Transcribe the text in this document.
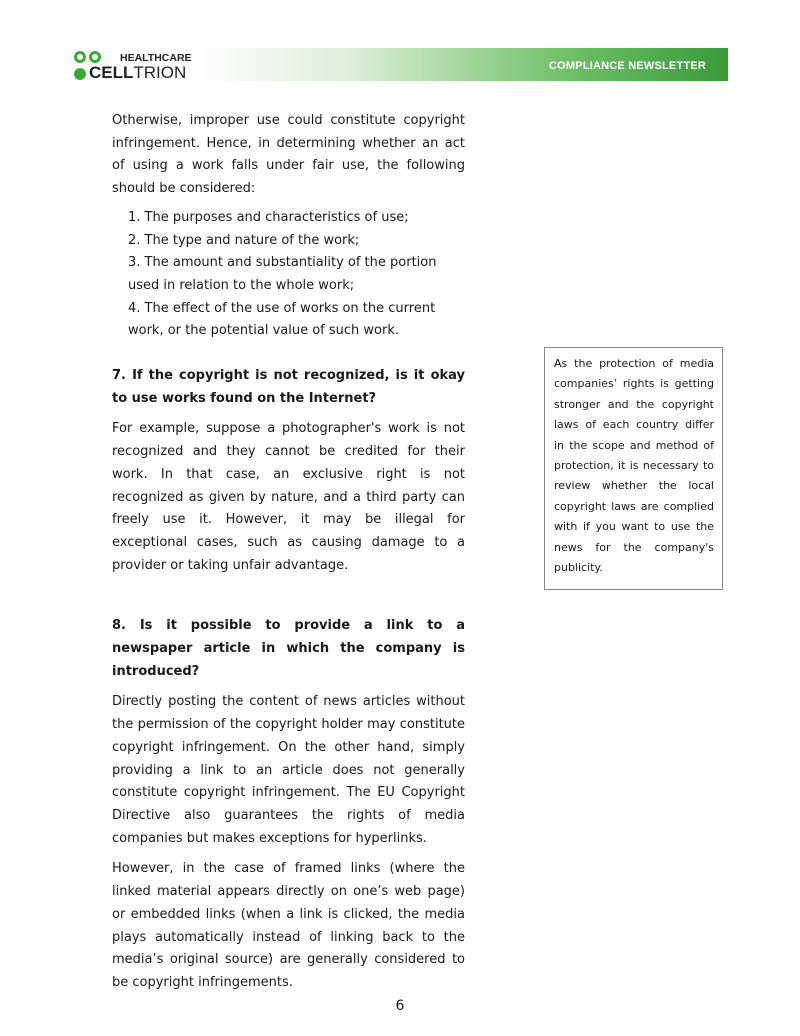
HEALTHCARE
CELLTRION	COMPLIANCE NEWSLETTER

Otherwise, improper use could constitute copyright infringement. Hence, in determining whether an act of using a work falls under fair use, the following should be considered:

1. The purposes and characteristics of use;
2. The type and nature of the work;
3. The amount and substantiality of the portion used in relation to the whole work;
4. The effect of the use of works on the current work, or the potential value of such work.
7. If the copyright is not recognized, is it okay to use works found on the Internet?

For example, suppose a photographer's work is not recognized and they cannot be credited for their work. In that case, an exclusive right is not recognized as given by nature, and a third party can freely use it. However, it may be illegal for exceptional cases, such as causing damage to a provider or taking unfair advantage.

8. Is it possible to provide a link to a newspaper article in which the company is introduced?

Directly posting the content of news articles without the permission of the copyright holder may constitute copyright infringement. On the other hand, simply providing a link to an article does not generally constitute copyright infringement. The EU Copyright Directive also guarantees the rights of media companies but makes exceptions for hyperlinks.

However, in the case of framed links (where the linked material appears directly on one’s web page) or embedded links (when a link is clicked, the media plays automatically instead of linking back to the media’s original source) are generally considered to be copyright infringements.

As the protection of media companies’ rights is getting stronger and the copyright laws of each country differ in the scope and method of protection, it is necessary to review whether the local copyright laws are complied with if you want to use the news for the company's publicity.
6
